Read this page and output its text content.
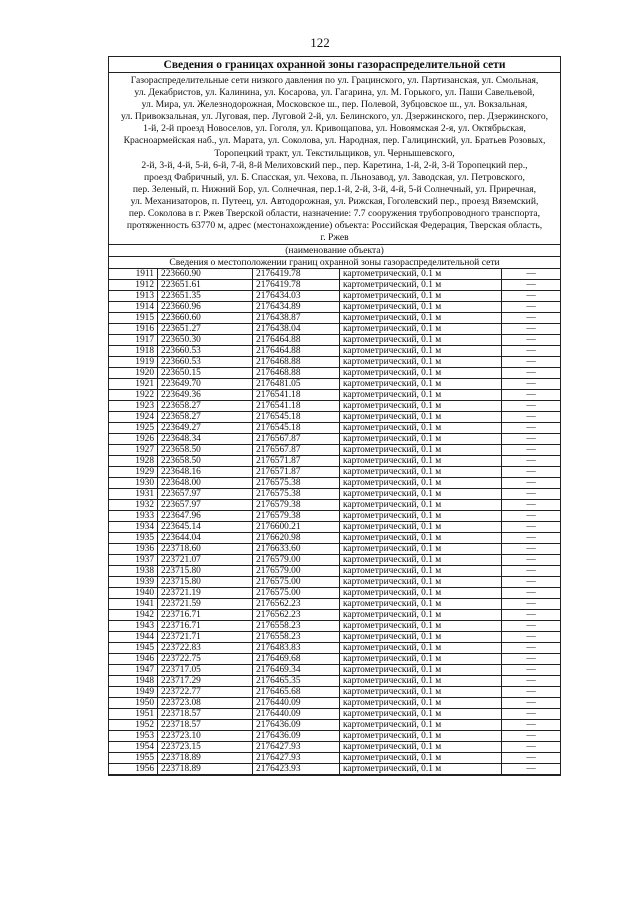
122
Сведения о границах охранной зоны газораспределительной сети
Газораспределительные сети низкого давления по ул. Грацинского, ул. Партизанская, ул. Смольная,
ул. Декабристов, ул. Калинина, ул. Косарова, ул. Гагарина, ул. М. Горького, ул. Паши Савельевой,
ул. Мира, ул. Железнодорожная, Московское ш., пер. Полевой, Зубцовское ш., ул. Вокзальная,
ул. Привокзальная, ул. Луговая, пер. Луговой 2-й, ул. Белинского, ул. Дзержинского, пер. Дзержинского,
1-й, 2-й проезд Новоселов, ул. Гоголя, ул. Кривощапова, ул. Новоямская 2-я, ул. Октябрьская,
Красноармейская наб., ул. Марата, ул. Соколова, ул. Народная, пер. Галицинский, ул. Братьев Розовых,
Торопецкий тракт, ул. Текстильщиков, ул. Чернышевского,
2-й, 3-й, 4-й, 5-й, 6-й, 7-й, 8-й Мелиховский пер., пер. Каретина, 1-й, 2-й, 3-й Торопецкий пер.,
проезд Фабричный, ул. Б. Спасская, ул. Чехова, п. Льнозавод, ул. Заводская, ул. Петровского,
пер. Зеленый, п. Нижний Бор, ул. Солнечная, пер.1-й, 2-й, 3-й, 4-й, 5-й Солнечный, ул. Приречная,
ул. Механизаторов, п. Путеец, ул. Автодорожная, ул. Рижская, Гоголевский пер., проезд Вяземский,
пер. Соколова в г. Ржев Тверской области, назначение: 7.7 сооружения трубопроводного транспорта,
протяженность 63770 м, адрес (местонахождение) объекта: Российская Федерация, Тверская область,
г. Ржев
(наименование объекта)
Сведения о местоположении границ охранной зоны газораспределительной сети
1911	223660.90	2176419.78	картометрический, 0.1 м	—
1912	223651.61	2176419.78	картометрический, 0.1 м	—
1913	223651.35	2176434.03	картометрический, 0.1 м	—
1914	223660.96	2176434.89	картометрический, 0.1 м	—
1915	223660.60	2176438.87	картометрический, 0.1 м	—
1916	223651.27	2176438.04	картометрический, 0.1 м	—
1917	223650.30	2176464.88	картометрический, 0.1 м	—
1918	223660.53	2176464.88	картометрический, 0.1 м	—
1919	223660.53	2176468.88	картометрический, 0.1 м	—
1920	223650.15	2176468.88	картометрический, 0.1 м	—
1921	223649.70	2176481.05	картометрический, 0.1 м	—
1922	223649.36	2176541.18	картометрический, 0.1 м	—
1923	223658.27	2176541.18	картометрический, 0.1 м	—
1924	223658.27	2176545.18	картометрический, 0.1 м	—
1925	223649.27	2176545.18	картометрический, 0.1 м	—
1926	223648.34	2176567.87	картометрический, 0.1 м	—
1927	223658.50	2176567.87	картометрический, 0.1 м	—
1928	223658.50	2176571.87	картометрический, 0.1 м	—
1929	223648.16	2176571.87	картометрический, 0.1 м	—
1930	223648.00	2176575.38	картометрический, 0.1 м	—
1931	223657.97	2176575.38	картометрический, 0.1 м	—
1932	223657.97	2176579.38	картометрический, 0.1 м	—
1933	223647.96	2176579.38	картометрический, 0.1 м	—
1934	223645.14	2176600.21	картометрический, 0.1 м	—
1935	223644.04	2176620.98	картометрический, 0.1 м	—
1936	223718.60	2176633.60	картометрический, 0.1 м	—
1937	223721.07	2176579.00	картометрический, 0.1 м	—
1938	223715.80	2176579.00	картометрический, 0.1 м	—
1939	223715.80	2176575.00	картометрический, 0.1 м	—
1940	223721.19	2176575.00	картометрический, 0.1 м	—
1941	223721.59	2176562.23	картометрический, 0.1 м	—
1942	223716.71	2176562.23	картометрический, 0.1 м	—
1943	223716.71	2176558.23	картометрический, 0.1 м	—
1944	223721.71	2176558.23	картометрический, 0.1 м	—
1945	223722.83	2176483.83	картометрический, 0.1 м	—
1946	223722.75	2176469.68	картометрический, 0.1 м	—
1947	223717.05	2176469.34	картометрический, 0.1 м	—
1948	223717.29	2176465.35	картометрический, 0.1 м	—
1949	223722.77	2176465.68	картометрический, 0.1 м	—
1950	223723.08	2176440.09	картометрический, 0.1 м	—
1951	223718.57	2176440.09	картометрический, 0.1 м	—
1952	223718.57	2176436.09	картометрический, 0.1 м	—
1953	223723.10	2176436.09	картометрический, 0.1 м	—
1954	223723.15	2176427.93	картометрический, 0.1 м	—
1955	223718.89	2176427.93	картометрический, 0.1 м	—
1956	223718.89	2176423.93	картометрический, 0.1 м	—
